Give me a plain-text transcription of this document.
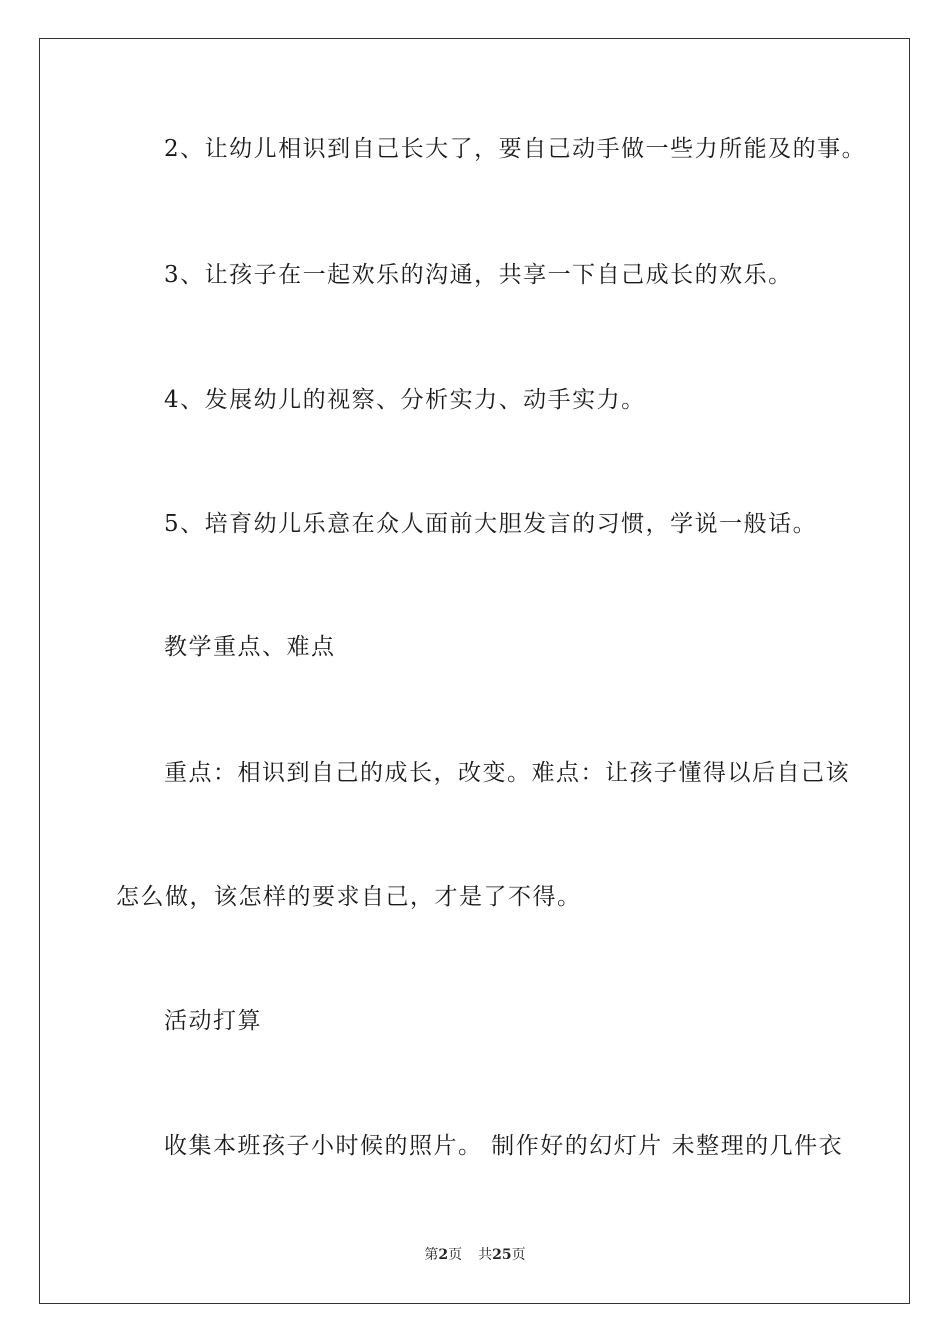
2、让幼儿相识到自己长大了，要自己动手做一些力所能及的事。
3、让孩子在一起欢乐的沟通，共享一下自己成长的欢乐。
4、发展幼儿的视察、分析实力、动手实力。
5、培育幼儿乐意在众人面前大胆发言的习惯，学说一般话。
教学重点、难点
重点：相识到自己的成长，改变。难点：让孩子懂得以后自己该
怎么做，该怎样的要求自己，才是了不得。
活动打算
收集本班孩子小时候的照片。 制作好的幻灯片 未整理的几件衣
第2页 共25页
